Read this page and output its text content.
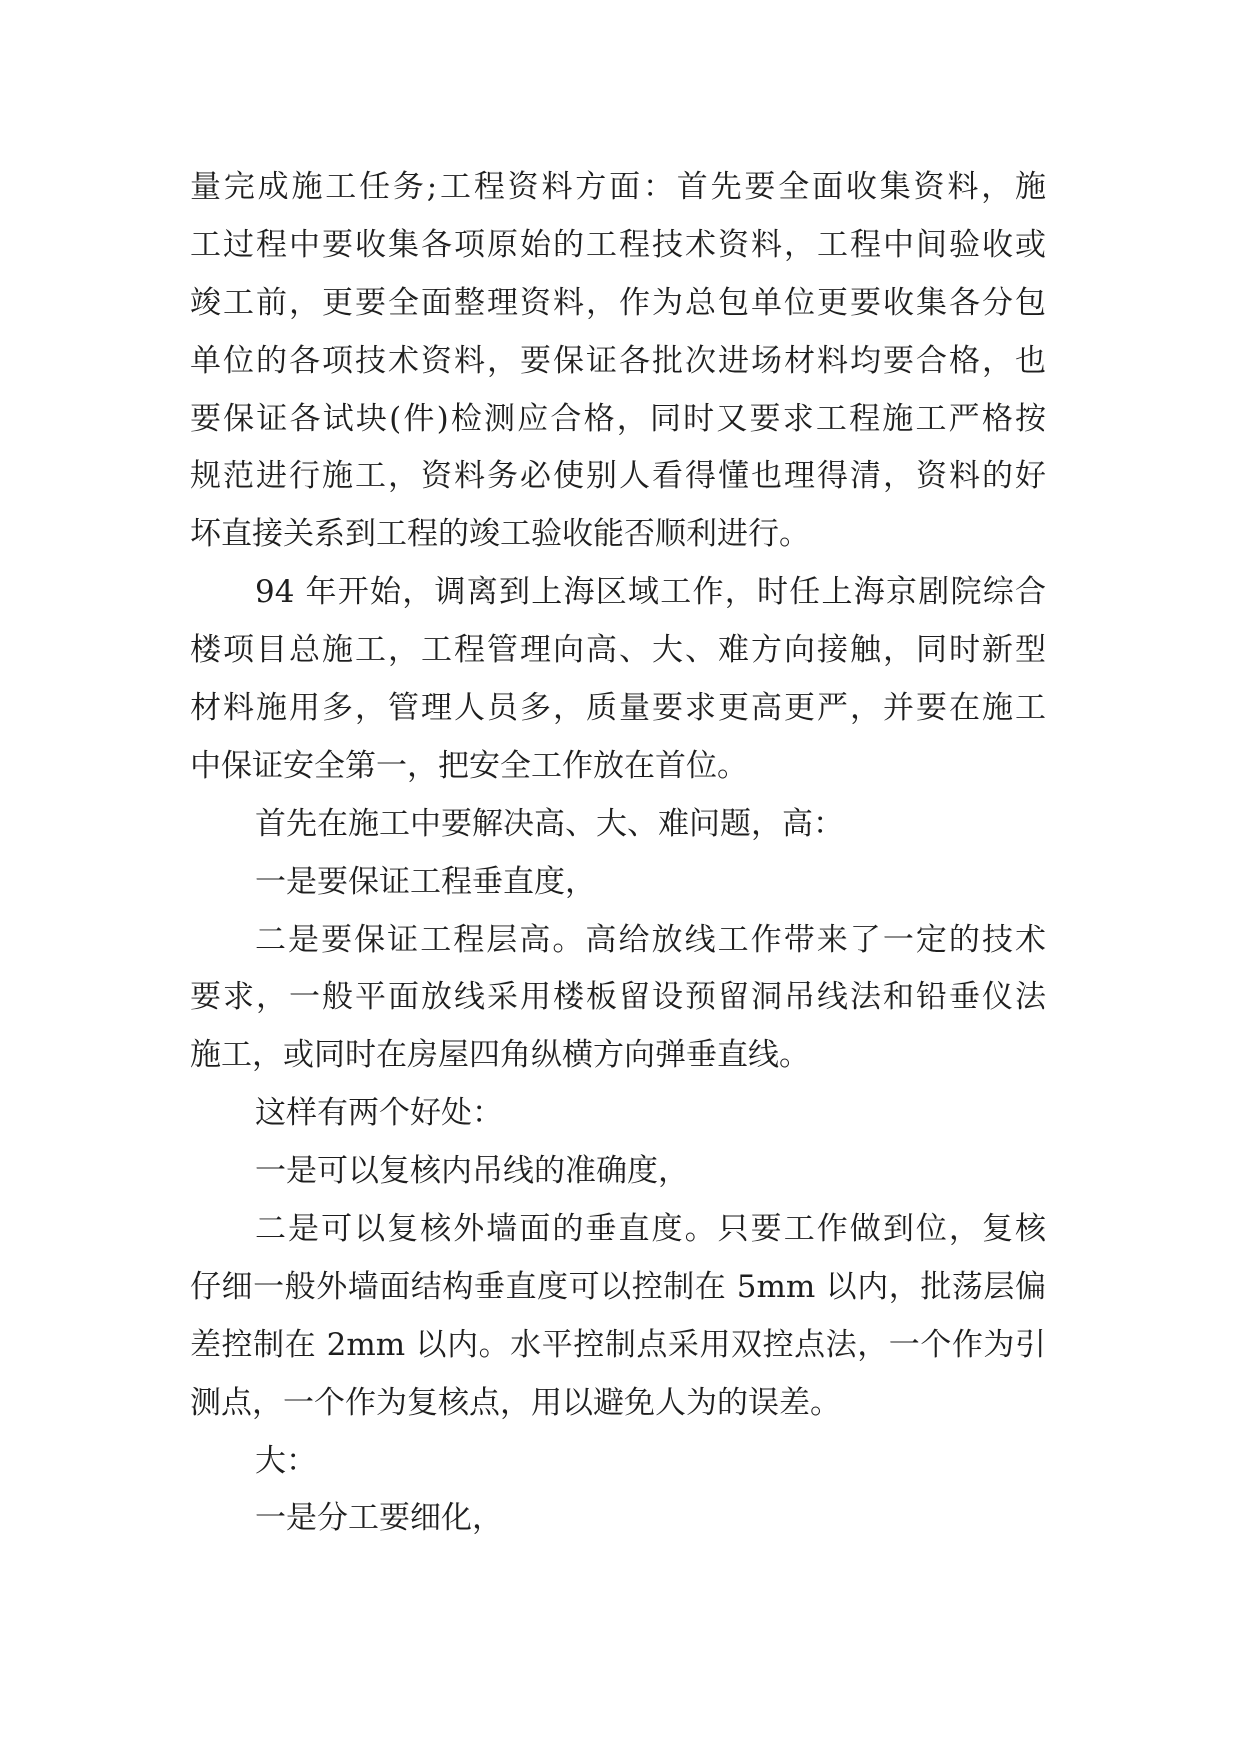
量完成施工任务;工程资料方面：首先要全面收集资料，施
工过程中要收集各项原始的工程技术资料，工程中间验收或
竣工前，更要全面整理资料，作为总包单位更要收集各分包
单位的各项技术资料，要保证各批次进场材料均要合格，也
要保证各试块(件)检测应合格，同时又要求工程施工严格按
规范进行施工，资料务必使别人看得懂也理得清，资料的好
坏直接关系到工程的竣工验收能否顺利进行。
94 年开始，调离到上海区域工作，时任上海京剧院综合
楼项目总施工，工程管理向高、大、难方向接触，同时新型
材料施用多，管理人员多，质量要求更高更严，并要在施工
中保证安全第一，把安全工作放在首位。
首先在施工中要解决高、大、难问题，高：
一是要保证工程垂直度，
二是要保证工程层高。高给放线工作带来了一定的技术
要求，一般平面放线采用楼板留设预留洞吊线法和铅垂仪法
施工，或同时在房屋四角纵横方向弹垂直线。
这样有两个好处：
一是可以复核内吊线的准确度，
二是可以复核外墙面的垂直度。只要工作做到位，复核
仔细一般外墙面结构垂直度可以控制在 5mm 以内，批荡层偏
差控制在 2mm 以内。水平控制点采用双控点法，一个作为引
测点，一个作为复核点，用以避免人为的误差。
大：
一是分工要细化，
